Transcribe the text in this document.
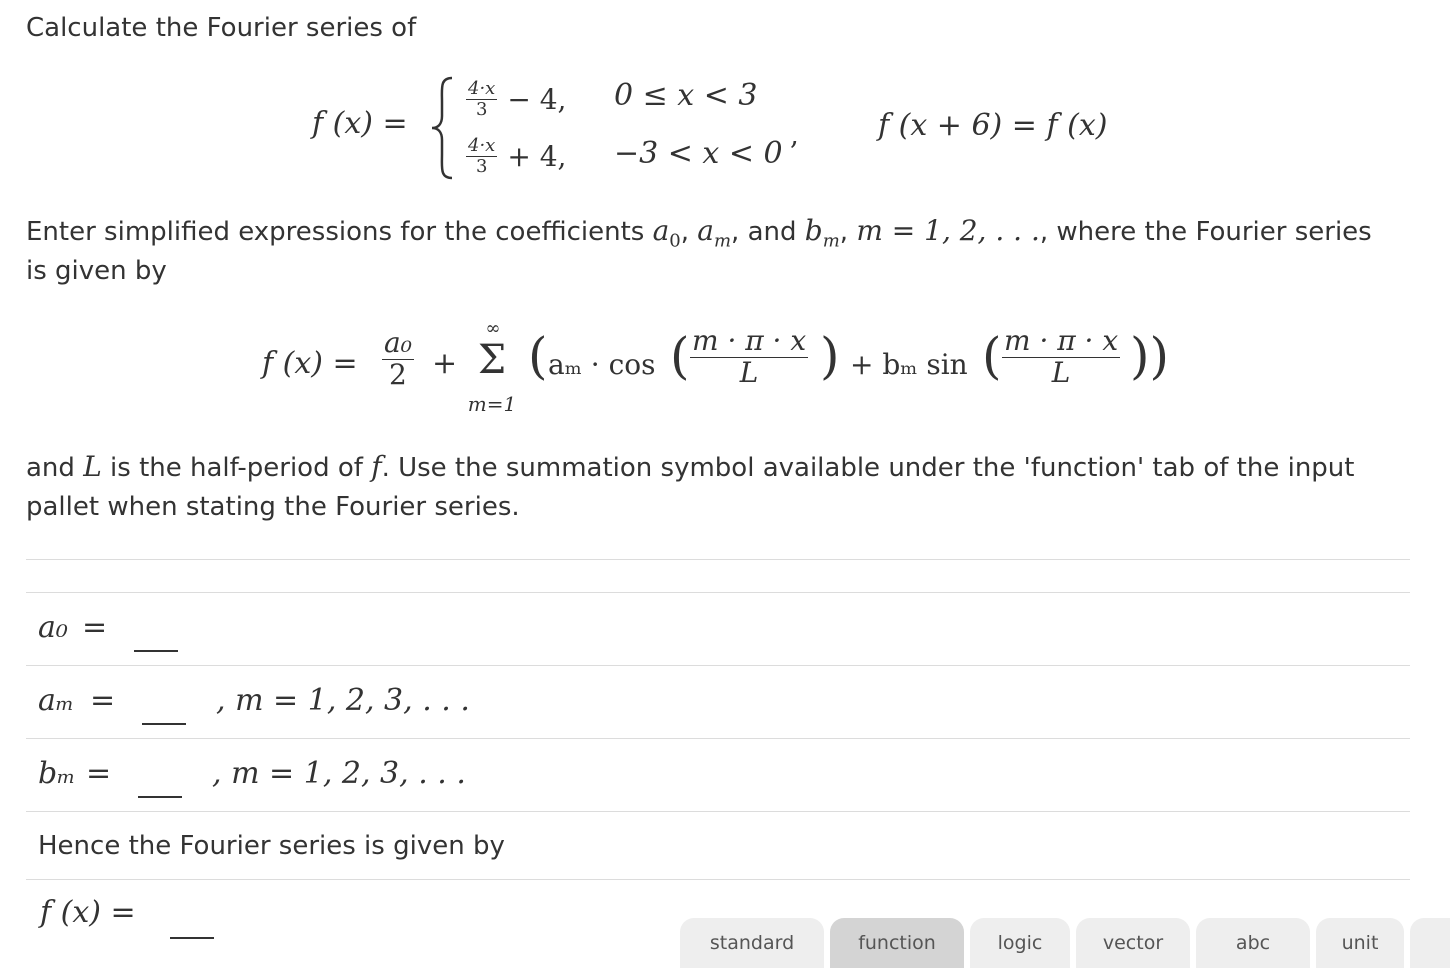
Calculate the Fourier series of
f (x) =
$\frac{4\cdot x}{3} - 4$, 0 ≤ x < 3
$\frac{4\cdot x}{3} + 4$, −3 < x < 0
,	f (x + 6) = f (x)
Enter simplified expressions for the coefficients $a_0$, $a_m$, and $b_m$, m = 1, 2, . . ., where the Fourier series
is given by
f $(x) = \frac{\text{a₀}}{2}$ +
∞
Σ
m=1
( aₘ · cos ( $\frac{m \cdot \pi \cdot x}{L}$ ) + bₘ sin ( $\frac{m \cdot \pi \cdot x}{L}$ ))
and L is the half-period of f. Use the summation symbol available under the 'function' tab of the input
pallet when stating the Fourier series.
a₀ =
aₘ =	, m = 1, 2, 3, . . .
bₘ =	, m = 1, 2, 3, . . .
Hence the Fourier series is given by
f (x) =
standard	function	logic	vector	abc	unit
